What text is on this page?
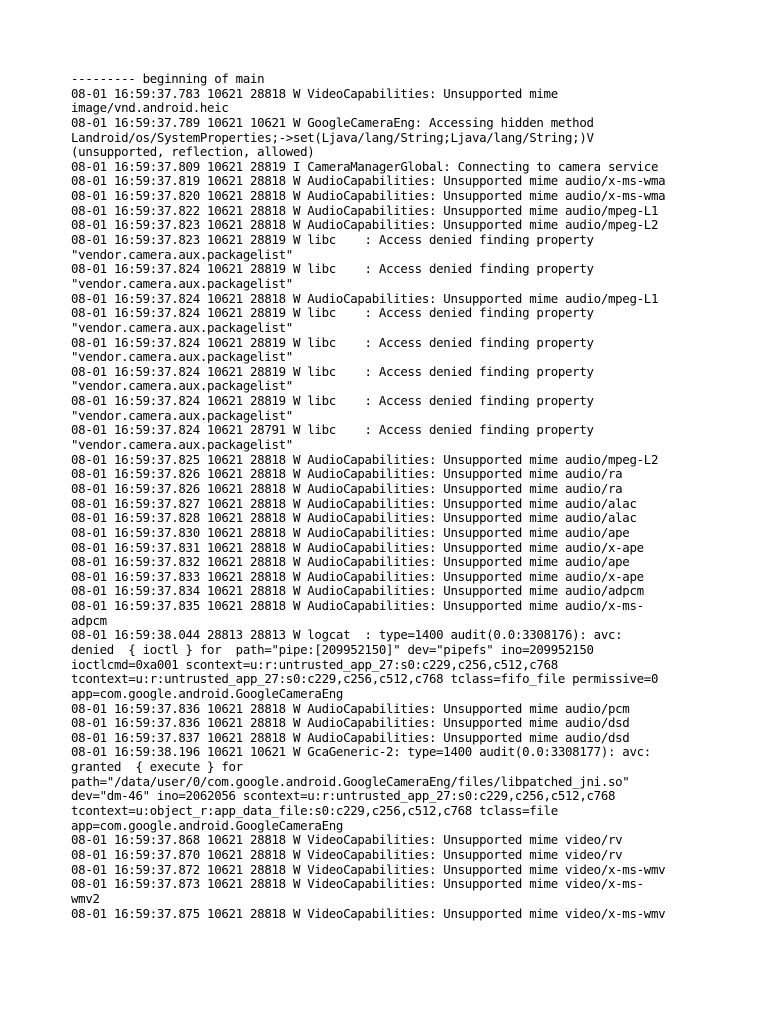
--------- beginning of main
08-01 16:59:37.783 10621 28818 W VideoCapabilities: Unsupported mime
image/vnd.android.heic
08-01 16:59:37.789 10621 10621 W GoogleCameraEng: Accessing hidden method
Landroid/os/SystemProperties;->set(Ljava/lang/String;Ljava/lang/String;)V
(unsupported, reflection, allowed)
08-01 16:59:37.809 10621 28819 I CameraManagerGlobal: Connecting to camera service
08-01 16:59:37.819 10621 28818 W AudioCapabilities: Unsupported mime audio/x-ms-wma
08-01 16:59:37.820 10621 28818 W AudioCapabilities: Unsupported mime audio/x-ms-wma
08-01 16:59:37.822 10621 28818 W AudioCapabilities: Unsupported mime audio/mpeg-L1
08-01 16:59:37.823 10621 28818 W AudioCapabilities: Unsupported mime audio/mpeg-L2
08-01 16:59:37.823 10621 28819 W libc    : Access denied finding property
"vendor.camera.aux.packagelist"
08-01 16:59:37.824 10621 28819 W libc    : Access denied finding property
"vendor.camera.aux.packagelist"
08-01 16:59:37.824 10621 28818 W AudioCapabilities: Unsupported mime audio/mpeg-L1
08-01 16:59:37.824 10621 28819 W libc    : Access denied finding property
"vendor.camera.aux.packagelist"
08-01 16:59:37.824 10621 28819 W libc    : Access denied finding property
"vendor.camera.aux.packagelist"
08-01 16:59:37.824 10621 28819 W libc    : Access denied finding property
"vendor.camera.aux.packagelist"
08-01 16:59:37.824 10621 28819 W libc    : Access denied finding property
"vendor.camera.aux.packagelist"
08-01 16:59:37.824 10621 28791 W libc    : Access denied finding property
"vendor.camera.aux.packagelist"
08-01 16:59:37.825 10621 28818 W AudioCapabilities: Unsupported mime audio/mpeg-L2
08-01 16:59:37.826 10621 28818 W AudioCapabilities: Unsupported mime audio/ra
08-01 16:59:37.826 10621 28818 W AudioCapabilities: Unsupported mime audio/ra
08-01 16:59:37.827 10621 28818 W AudioCapabilities: Unsupported mime audio/alac
08-01 16:59:37.828 10621 28818 W AudioCapabilities: Unsupported mime audio/alac
08-01 16:59:37.830 10621 28818 W AudioCapabilities: Unsupported mime audio/ape
08-01 16:59:37.831 10621 28818 W AudioCapabilities: Unsupported mime audio/x-ape
08-01 16:59:37.832 10621 28818 W AudioCapabilities: Unsupported mime audio/ape
08-01 16:59:37.833 10621 28818 W AudioCapabilities: Unsupported mime audio/x-ape
08-01 16:59:37.834 10621 28818 W AudioCapabilities: Unsupported mime audio/adpcm
08-01 16:59:37.835 10621 28818 W AudioCapabilities: Unsupported mime audio/x-ms-
adpcm
08-01 16:59:38.044 28813 28813 W logcat  : type=1400 audit(0.0:3308176): avc:
denied  { ioctl } for  path="pipe:[209952150]" dev="pipefs" ino=209952150
ioctlcmd=0xa001 scontext=u:r:untrusted_app_27:s0:c229,c256,c512,c768
tcontext=u:r:untrusted_app_27:s0:c229,c256,c512,c768 tclass=fifo_file permissive=0
app=com.google.android.GoogleCameraEng
08-01 16:59:37.836 10621 28818 W AudioCapabilities: Unsupported mime audio/pcm
08-01 16:59:37.836 10621 28818 W AudioCapabilities: Unsupported mime audio/dsd
08-01 16:59:37.837 10621 28818 W AudioCapabilities: Unsupported mime audio/dsd
08-01 16:59:38.196 10621 10621 W GcaGeneric-2: type=1400 audit(0.0:3308177): avc:
granted  { execute } for
path="/data/user/0/com.google.android.GoogleCameraEng/files/libpatched_jni.so"
dev="dm-46" ino=2062056 scontext=u:r:untrusted_app_27:s0:c229,c256,c512,c768
tcontext=u:object_r:app_data_file:s0:c229,c256,c512,c768 tclass=file
app=com.google.android.GoogleCameraEng
08-01 16:59:37.868 10621 28818 W VideoCapabilities: Unsupported mime video/rv
08-01 16:59:37.870 10621 28818 W VideoCapabilities: Unsupported mime video/rv
08-01 16:59:37.872 10621 28818 W VideoCapabilities: Unsupported mime video/x-ms-wmv
08-01 16:59:37.873 10621 28818 W VideoCapabilities: Unsupported mime video/x-ms-
wmv2
08-01 16:59:37.875 10621 28818 W VideoCapabilities: Unsupported mime video/x-ms-wmv
